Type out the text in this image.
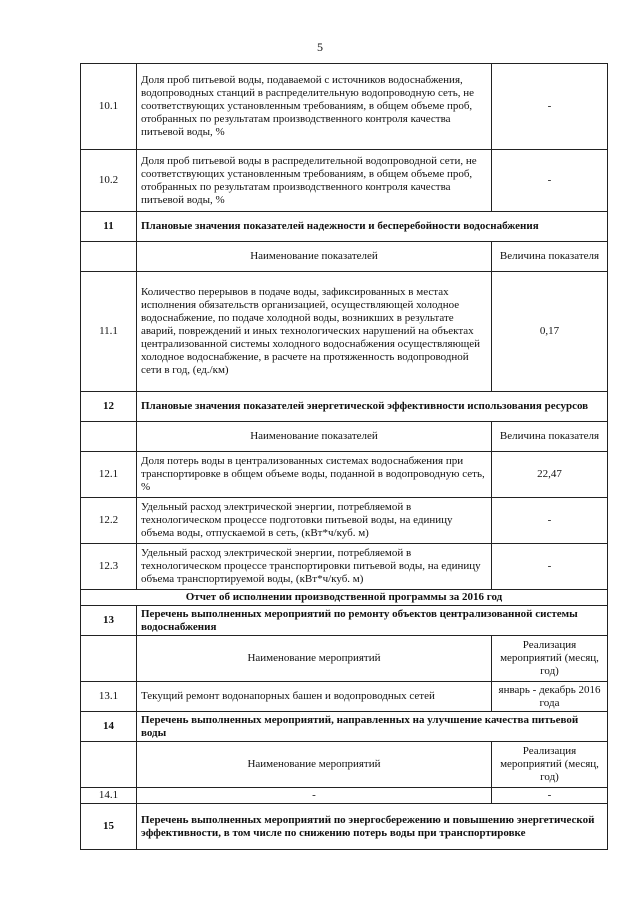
5
10.1	Доля проб питьевой воды, подаваемой с источников водоснабжения, водопроводных станций в распределительную водопроводную сеть, не соответствующих установленным требованиям, в общем объеме проб, отобранных по результатам производственного контроля качества питьевой воды, %	-
10.2	Доля проб питьевой воды в распределительной водопроводной сети, не соответствующих установленным требованиям, в общем объеме проб, отобранных по результатам производственного контроля качества питьевой воды, %	-
11	Плановые значения показателей надежности и бесперебойности водоснабжения	
	Наименование показателей	Величина показателя
11.1	Количество перерывов в подаче воды, зафиксированных в местах исполнения обязательств организацией, осуществляющей холодное водоснабжение, по подаче холодной воды, возникших в результате аварий, повреждений и иных технологических нарушений на объектах централизованной системы холодного водоснабжения осуществляющей холодное водоснабжение, в расчете на протяженность водопроводной сети в год, (ед./км)	0,17
12	Плановые значения показателей энергетической эффективности использования ресурсов	
	Наименование показателей	Величина показателя
12.1	Доля потерь воды в централизованных системах водоснабжения при транспортировке в общем объеме воды, поданной в водопроводную сеть, %	22,47
12.2	Удельный расход электрической энергии, потребляемой в технологическом процессе подготовки питьевой воды, на единицу объема воды, отпускаемой в сеть, (кВт*ч/куб. м)	-
12.3	Удельный расход электрической энергии, потребляемой в технологическом процессе транспортировки питьевой воды, на единицу объема транспортируемой воды, (кВт*ч/куб. м)	-
Отчет об исполнении производственной программы за 2016 год		
13	Перечень выполненных мероприятий по ремонту объектов централизованной системы водоснабжения	
	Наименование мероприятий	Реализация мероприятий (месяц, год)
13.1	Текущий ремонт водонапорных башен и водопроводных сетей	январь - декабрь 2016 года
14	Перечень выполненных мероприятий, направленных на улучшение качества питьевой воды	
	Наименование мероприятий	Реализация мероприятий (месяц, год)
14.1	-	-
15	Перечень выполненных мероприятий по энергосбережению и повышению энергетической эффективности, в том числе по снижению потерь воды при транспортировке	
